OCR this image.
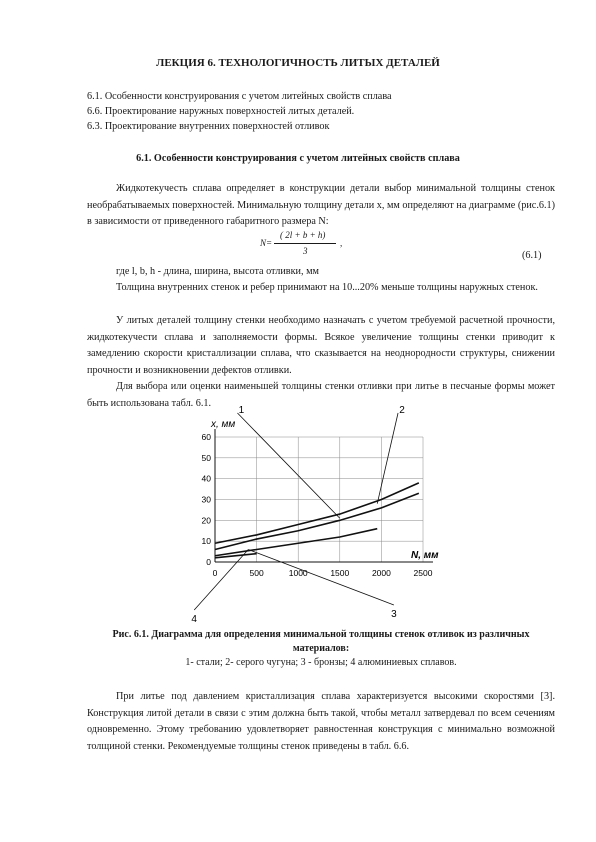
ЛЕКЦИЯ 6. ТЕХНОЛОГИЧНОСТЬ ЛИТЫХ ДЕТАЛЕЙ
6.1. Особенности конструирования с учетом литейных свойств сплава
6.6. Проектирование наружных поверхностей литых деталей.
6.3. Проектирование внутренних поверхностей отливок
6.1. Особенности конструирования с учетом литейных свойств сплава
Жидкотекучесть сплава определяет в конструкции детали выбор минимальной толщины стенок необрабатываемых поверхностей. Минимальную толщину детали x, мм определяют на диаграмме (рис.6.1) в зависимости от приведенного габаритного размера N:
N=
( 2l + b + h)
3
,
(6.1)
где l, b, h - длина, ширина, высота отливки, мм
Толщина внутренних стенок и ребер принимают на 10...20% меньше толщины наружных стенок.
У литых деталей толщину стенки необходимо назначать с учетом требуемой расчетной прочности, жидкотекучести сплава и заполняемости формы. Всякое увеличение толщины стенки приводит к замедлению скорости кристаллизации сплава, что сказывается на неоднородности структуры, снижении прочности и возникновении дефектов отливки.
Для выбора или оценки наименьшей толщины стенки отливки при литье в песчаные формы может быть использована табл. 6.1.
0	500	1000	1500	2000	2500
0
10
20
30
40
50
60
1	2
3
4
x, мм
N, мм
Рис. 6.1. Диаграмма для определения минимальной толщины стенок отливок из различных материалов:
1- стали; 2- серого чугуна; 3 - бронзы; 4 алюминиевых сплавов.
При литье под давлением кристаллизация сплава характеризуется высокими скоростями [3]. Конструкция литой детали в связи с этим должна быть такой, чтобы металл затвердевал по всем сечениям одновременно. Этому требованию удовлетворяет равностенная конструкция с минимально возможной толщиной стенки. Рекомендуемые толщины стенок приведены в табл. 6.6.
